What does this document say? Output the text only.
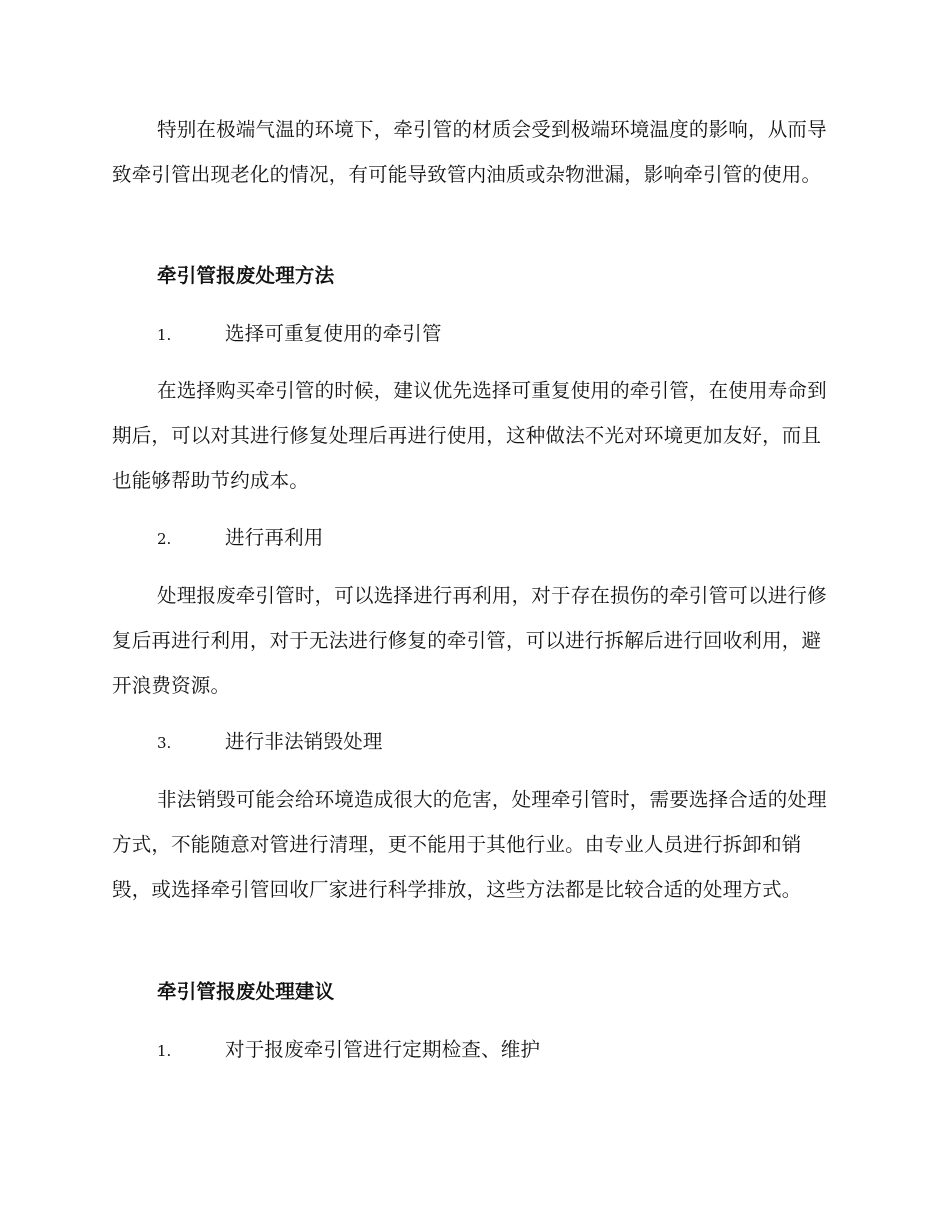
特别在极端气温的环境下，牵引管的材质会受到极端环境温度的影响，从而导致牵引管出现老化的情况，有可能导致管内油质或杂物泄漏，影响牵引管的使用。

牵引管报废处理方法

1.	选择可重复使用的牵引管

在选择购买牵引管的时候，建议优先选择可重复使用的牵引管，在使用寿命到期后，可以对其进行修复处理后再进行使用，这种做法不光对环境更加友好，而且也能够帮助节约成本。

2.	进行再利用

处理报废牵引管时，可以选择进行再利用，对于存在损伤的牵引管可以进行修复后再进行利用，对于无法进行修复的牵引管，可以进行拆解后进行回收利用，避开浪费资源。

3.	进行非法销毁处理

非法销毁可能会给环境造成很大的危害，处理牵引管时，需要选择合适的处理方式，不能随意对管进行清理，更不能用于其他行业。由专业人员进行拆卸和销毁，或选择牵引管回收厂家进行科学排放，这些方法都是比较合适的处理方式。

牵引管报废处理建议

1.	对于报废牵引管进行定期检查、维护
